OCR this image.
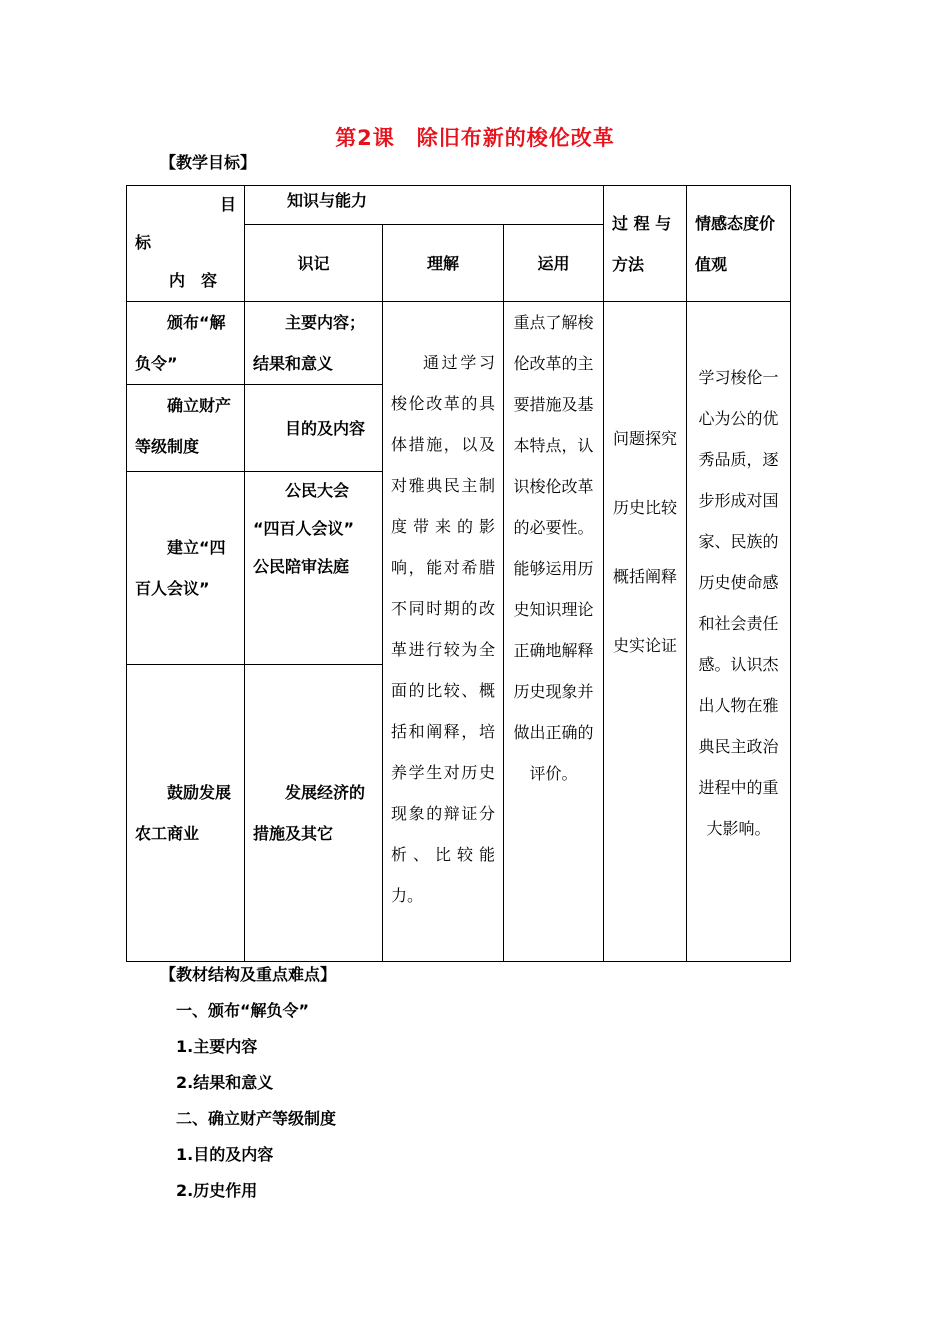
第2课　除旧布新的梭伦改革
【教学目标】
目
标
内　容	知识与能力			过 程 与方法	情感态度价值观
	识记	理解	运用		
颁布“解负令”	主要内容；结果和意义	通过学习梭伦改革的具体措施，以及对雅典民主制度带来的影响，能对希腊不同时期的改革进行较为全面的比较、概括和阐释，培养学生对历史现象的辩证分析、比较能力。	重点了解梭伦改革的主要措施及基本特点，认识梭伦改革的必要性。能够运用历史知识理论正确地解释历史现象并做出正确的评价。	问题探究
历史比较
概括阐释
史实论证	学习梭伦一心为公的优秀品质，逐步形成对国家、民族的历史使命感和社会责任感。认识杰出人物在雅典民主政治进程中的重大影响。
确立财产等级制度	目的及内容				
建立“四百人会议”	公民大会
“四百人会议”
公民陪审法庭				
鼓励发展农工商业	发展经济的措施及其它				
【教材结构及重点难点】
一、颁布“解负令”
1.主要内容
2.结果和意义
二、确立财产等级制度
1.目的及内容
2.历史作用
